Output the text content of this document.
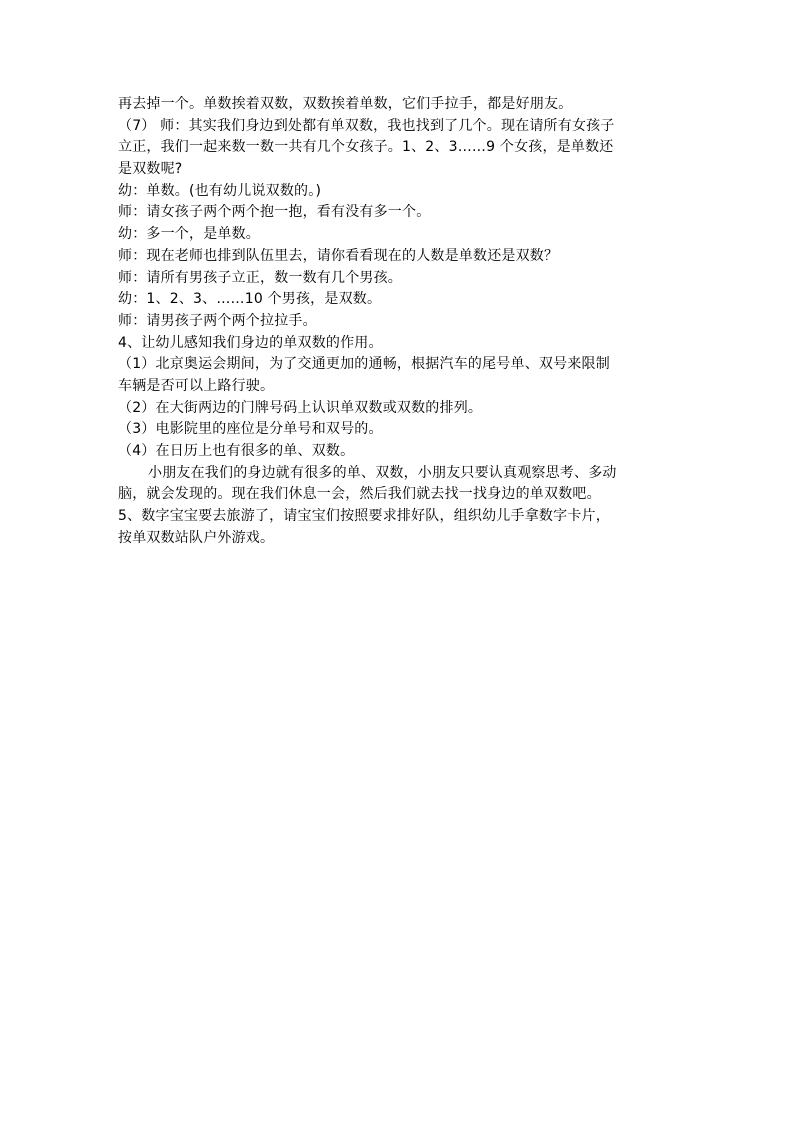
再去掉一个。单数挨着双数，双数挨着单数，它们手拉手，都是好朋友。
（7） 师：其实我们身边到处都有单双数，我也找到了几个。现在请所有女孩子
立正，我们一起来数一数一共有几个女孩子。1、2、3……9 个女孩，是单数还
是双数呢?
幼：单数。(也有幼儿说双数的。)
师：请女孩子两个两个抱一抱，看有没有多一个。
幼：多一个，是单数。
师：现在老师也排到队伍里去，请你看看现在的人数是单数还是双数？
师：请所有男孩子立正，数一数有几个男孩。
幼：1、2、3、……10 个男孩，是双数。
师：请男孩子两个两个拉拉手。
4、让幼儿感知我们身边的单双数的作用。
（1）北京奥运会期间，为了交通更加的通畅，根据汽车的尾号单、双号来限制
车辆是否可以上路行驶。
（2）在大街两边的门牌号码上认识单双数或双数的排列。
（3）电影院里的座位是分单号和双号的。
（4）在日历上也有很多的单、双数。
小朋友在我们的身边就有很多的单、双数，小朋友只要认真观察思考、多动
脑，就会发现的。现在我们休息一会，然后我们就去找一找身边的单双数吧。
5、数字宝宝要去旅游了，请宝宝们按照要求排好队，组织幼儿手拿数字卡片，
按单双数站队户外游戏。
